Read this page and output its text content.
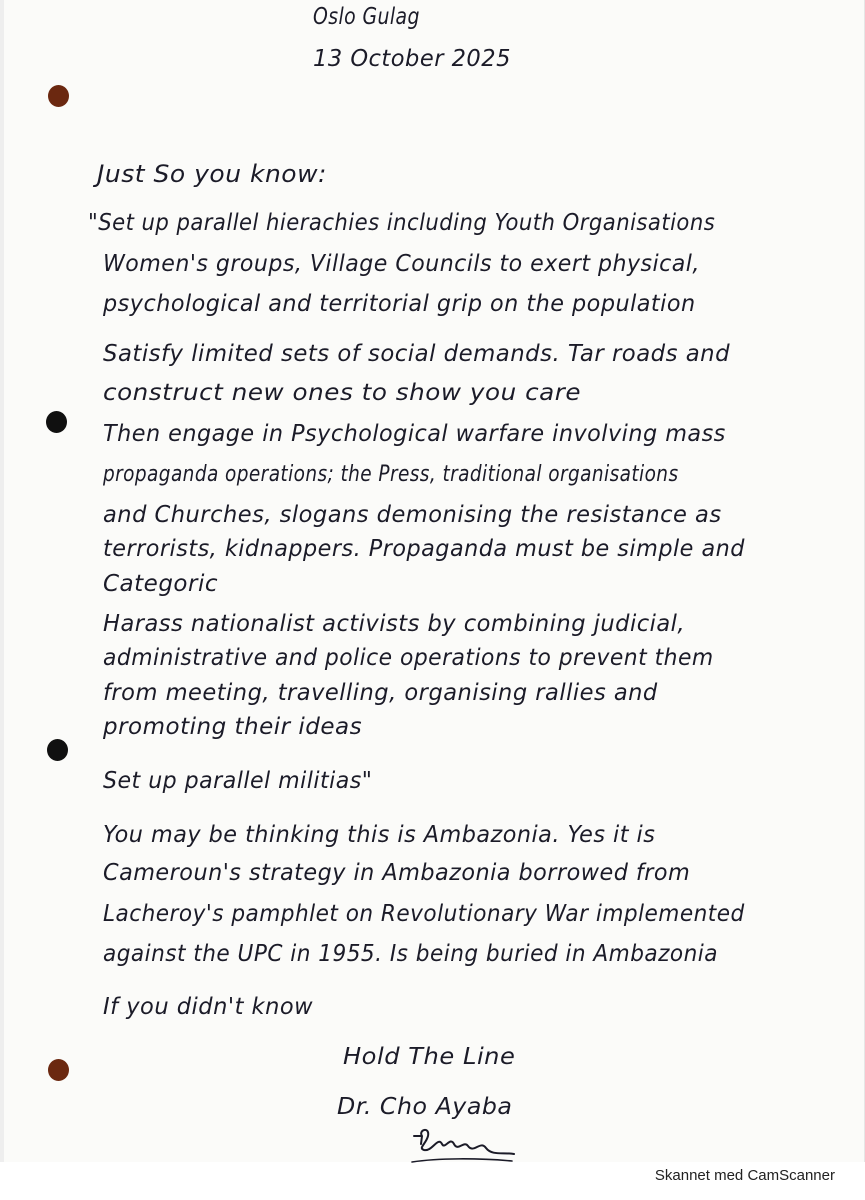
Oslo Gulag
13 October 2025
Just So you know:
"Set up parallel hierachies including Youth Organisations
Women's groups, Village Councils to exert physical,
psychological and territorial grip on the population
Satisfy limited sets of social demands. Tar roads and
construct new ones to show you care
Then engage in Psychological warfare involving mass
propaganda operations; the Press, traditional organisations
and Churches, slogans demonising the resistance as
terrorists, kidnappers. Propaganda must be simple and
Categoric
Harass nationalist activists by combining judicial,
administrative and police operations to prevent them
from meeting, travelling, organising rallies and
promoting their ideas
Set up parallel militias"
You may be thinking this is Ambazonia. Yes it is
Cameroun's strategy in Ambazonia borrowed from
Lacheroy's pamphlet on Revolutionary War implemented
against the UPC in 1955. Is being buried in Ambazonia
If you didn't know
Hold The Line
Dr. Cho Ayaba
Skannet med CamScanner
